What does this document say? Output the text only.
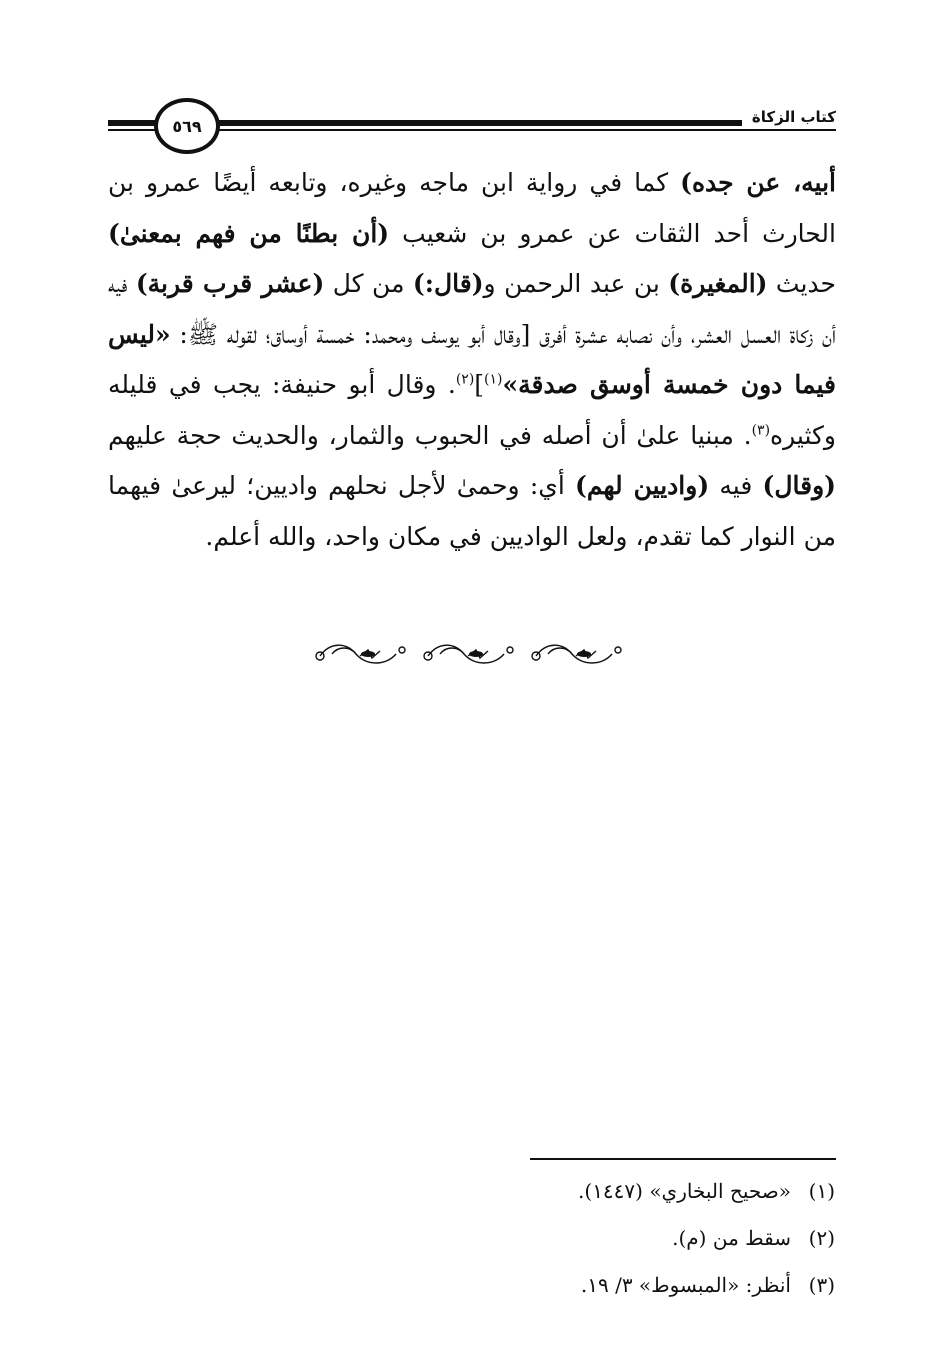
كتاب الزكاة
٥٦٩
أبيه، عن جده) كما في رواية ابن ماجه وغيره، وتابعه أيضًا عمرو بن الحارث أحد الثقات عن عمرو بن شعيب (أن بطنًا من فهم بمعنىٰ) حديث (المغيرة) بن عبد الرحمن و(قال:) من كل (عشر قرب قربة) فيه أن زكاة العسل العشر، وأن نصابه عشرة أفرق [وقال أبو يوسف ومحمد: خمسة أوساق؛ لقوله ﷺ: «ليس فيما دون خمسة أوسق صدقة»$^{(١)}$]$^{(٢)}$. وقال أبو حنيفة: يجب في قليله وكثيره$^{(٣)}$. مبنيا علىٰ أن أصله في الحبوب والثمار، والحديث حجة عليهم (وقال) فيه (واديين لهم) أي: وحمىٰ لأجل نحلهم واديين؛ ليرعىٰ فيهما من النوار كما تقدم، ولعل الواديين في مكان واحد، والله أعلم.
(١)
«صحيح البخاري» (١٤٤٧).
(٢)
سقط من (م).
(٣)
أنظر: «المبسوط» ٣/ ١٩.
